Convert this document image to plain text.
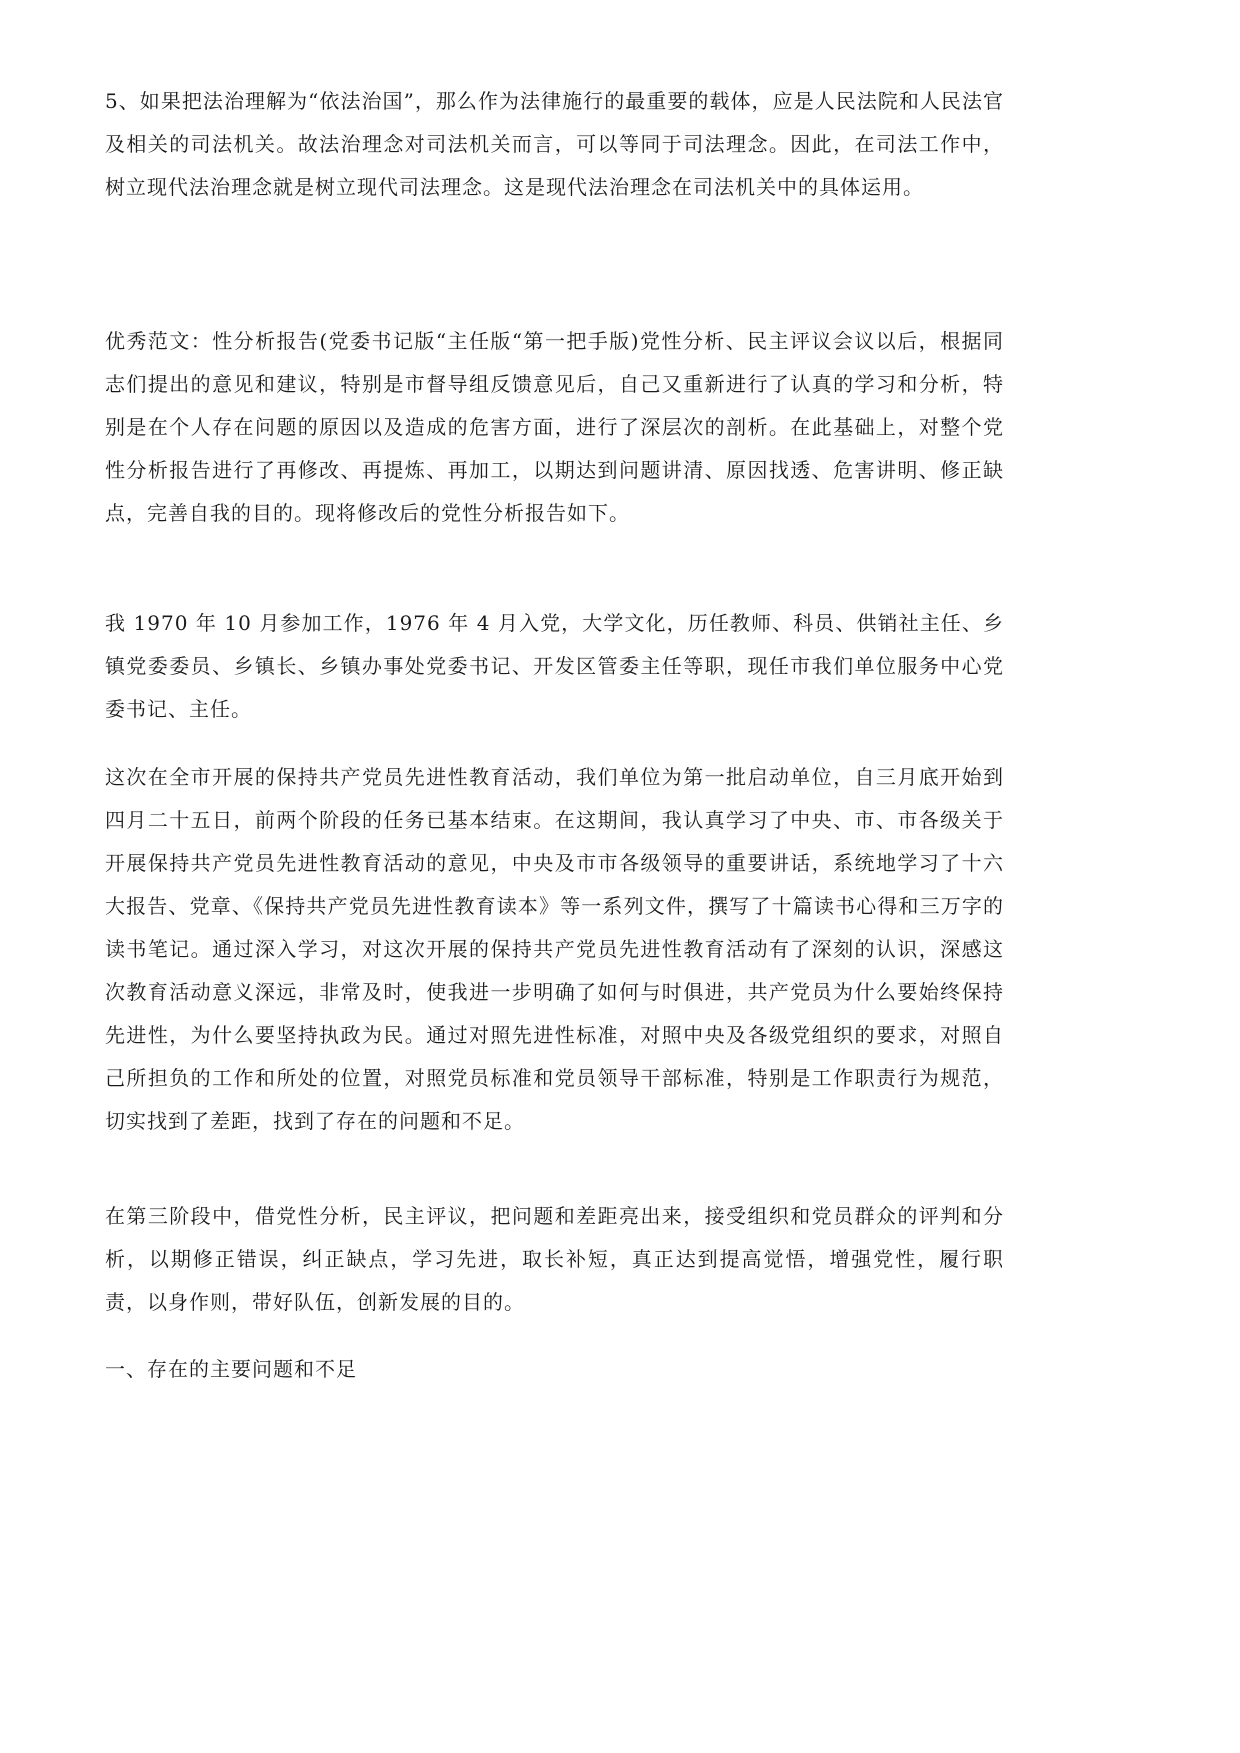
5、如果把法治理解为“依法治国”，那么作为法律施行的最重要的载体，应是人民法院和人民法官及相关的司法机关。故法治理念对司法机关而言，可以等同于司法理念。因此，在司法工作中，树立现代法治理念就是树立现代司法理念。这是现代法治理念在司法机关中的具体运用。

优秀范文：性分析报告(党委书记版“主任版“第一把手版)党性分析、民主评议会议以后，根据同志们提出的意见和建议，特别是市督导组反馈意见后，自己又重新进行了认真的学习和分析，特别是在个人存在问题的原因以及造成的危害方面，进行了深层次的剖析。在此基础上，对整个党性分析报告进行了再修改、再提炼、再加工，以期达到问题讲清、原因找透、危害讲明、修正缺点，完善自我的目的。现将修改后的党性分析报告如下。

我 1970 年 10 月参加工作，1976 年 4 月入党，大学文化，历任教师、科员、供销社主任、乡镇党委委员、乡镇长、乡镇办事处党委书记、开发区管委主任等职，现任市我们单位服务中心党委书记、主任。

这次在全市开展的保持共产党员先进性教育活动，我们单位为第一批启动单位，自三月底开始到四月二十五日，前两个阶段的任务已基本结束。在这期间，我认真学习了中央、市、市各级关于开展保持共产党员先进性教育活动的意见，中央及市市各级领导的重要讲话，系统地学习了十六大报告、党章、《保持共产党员先进性教育读本》等一系列文件，撰写了十篇读书心得和三万字的读书笔记。通过深入学习，对这次开展的保持共产党员先进性教育活动有了深刻的认识，深感这次教育活动意义深远，非常及时，使我进一步明确了如何与时俱进，共产党员为什么要始终保持先进性，为什么要坚持执政为民。通过对照先进性标准，对照中央及各级党组织的要求，对照自己所担负的工作和所处的位置，对照党员标准和党员领导干部标准，特别是工作职责行为规范，切实找到了差距，找到了存在的问题和不足。

在第三阶段中，借党性分析，民主评议，把问题和差距亮出来，接受组织和党员群众的评判和分析，以期修正错误，纠正缺点，学习先进，取长补短，真正达到提高觉悟，增强党性，履行职责，以身作则，带好队伍，创新发展的目的。

一、存在的主要问题和不足
